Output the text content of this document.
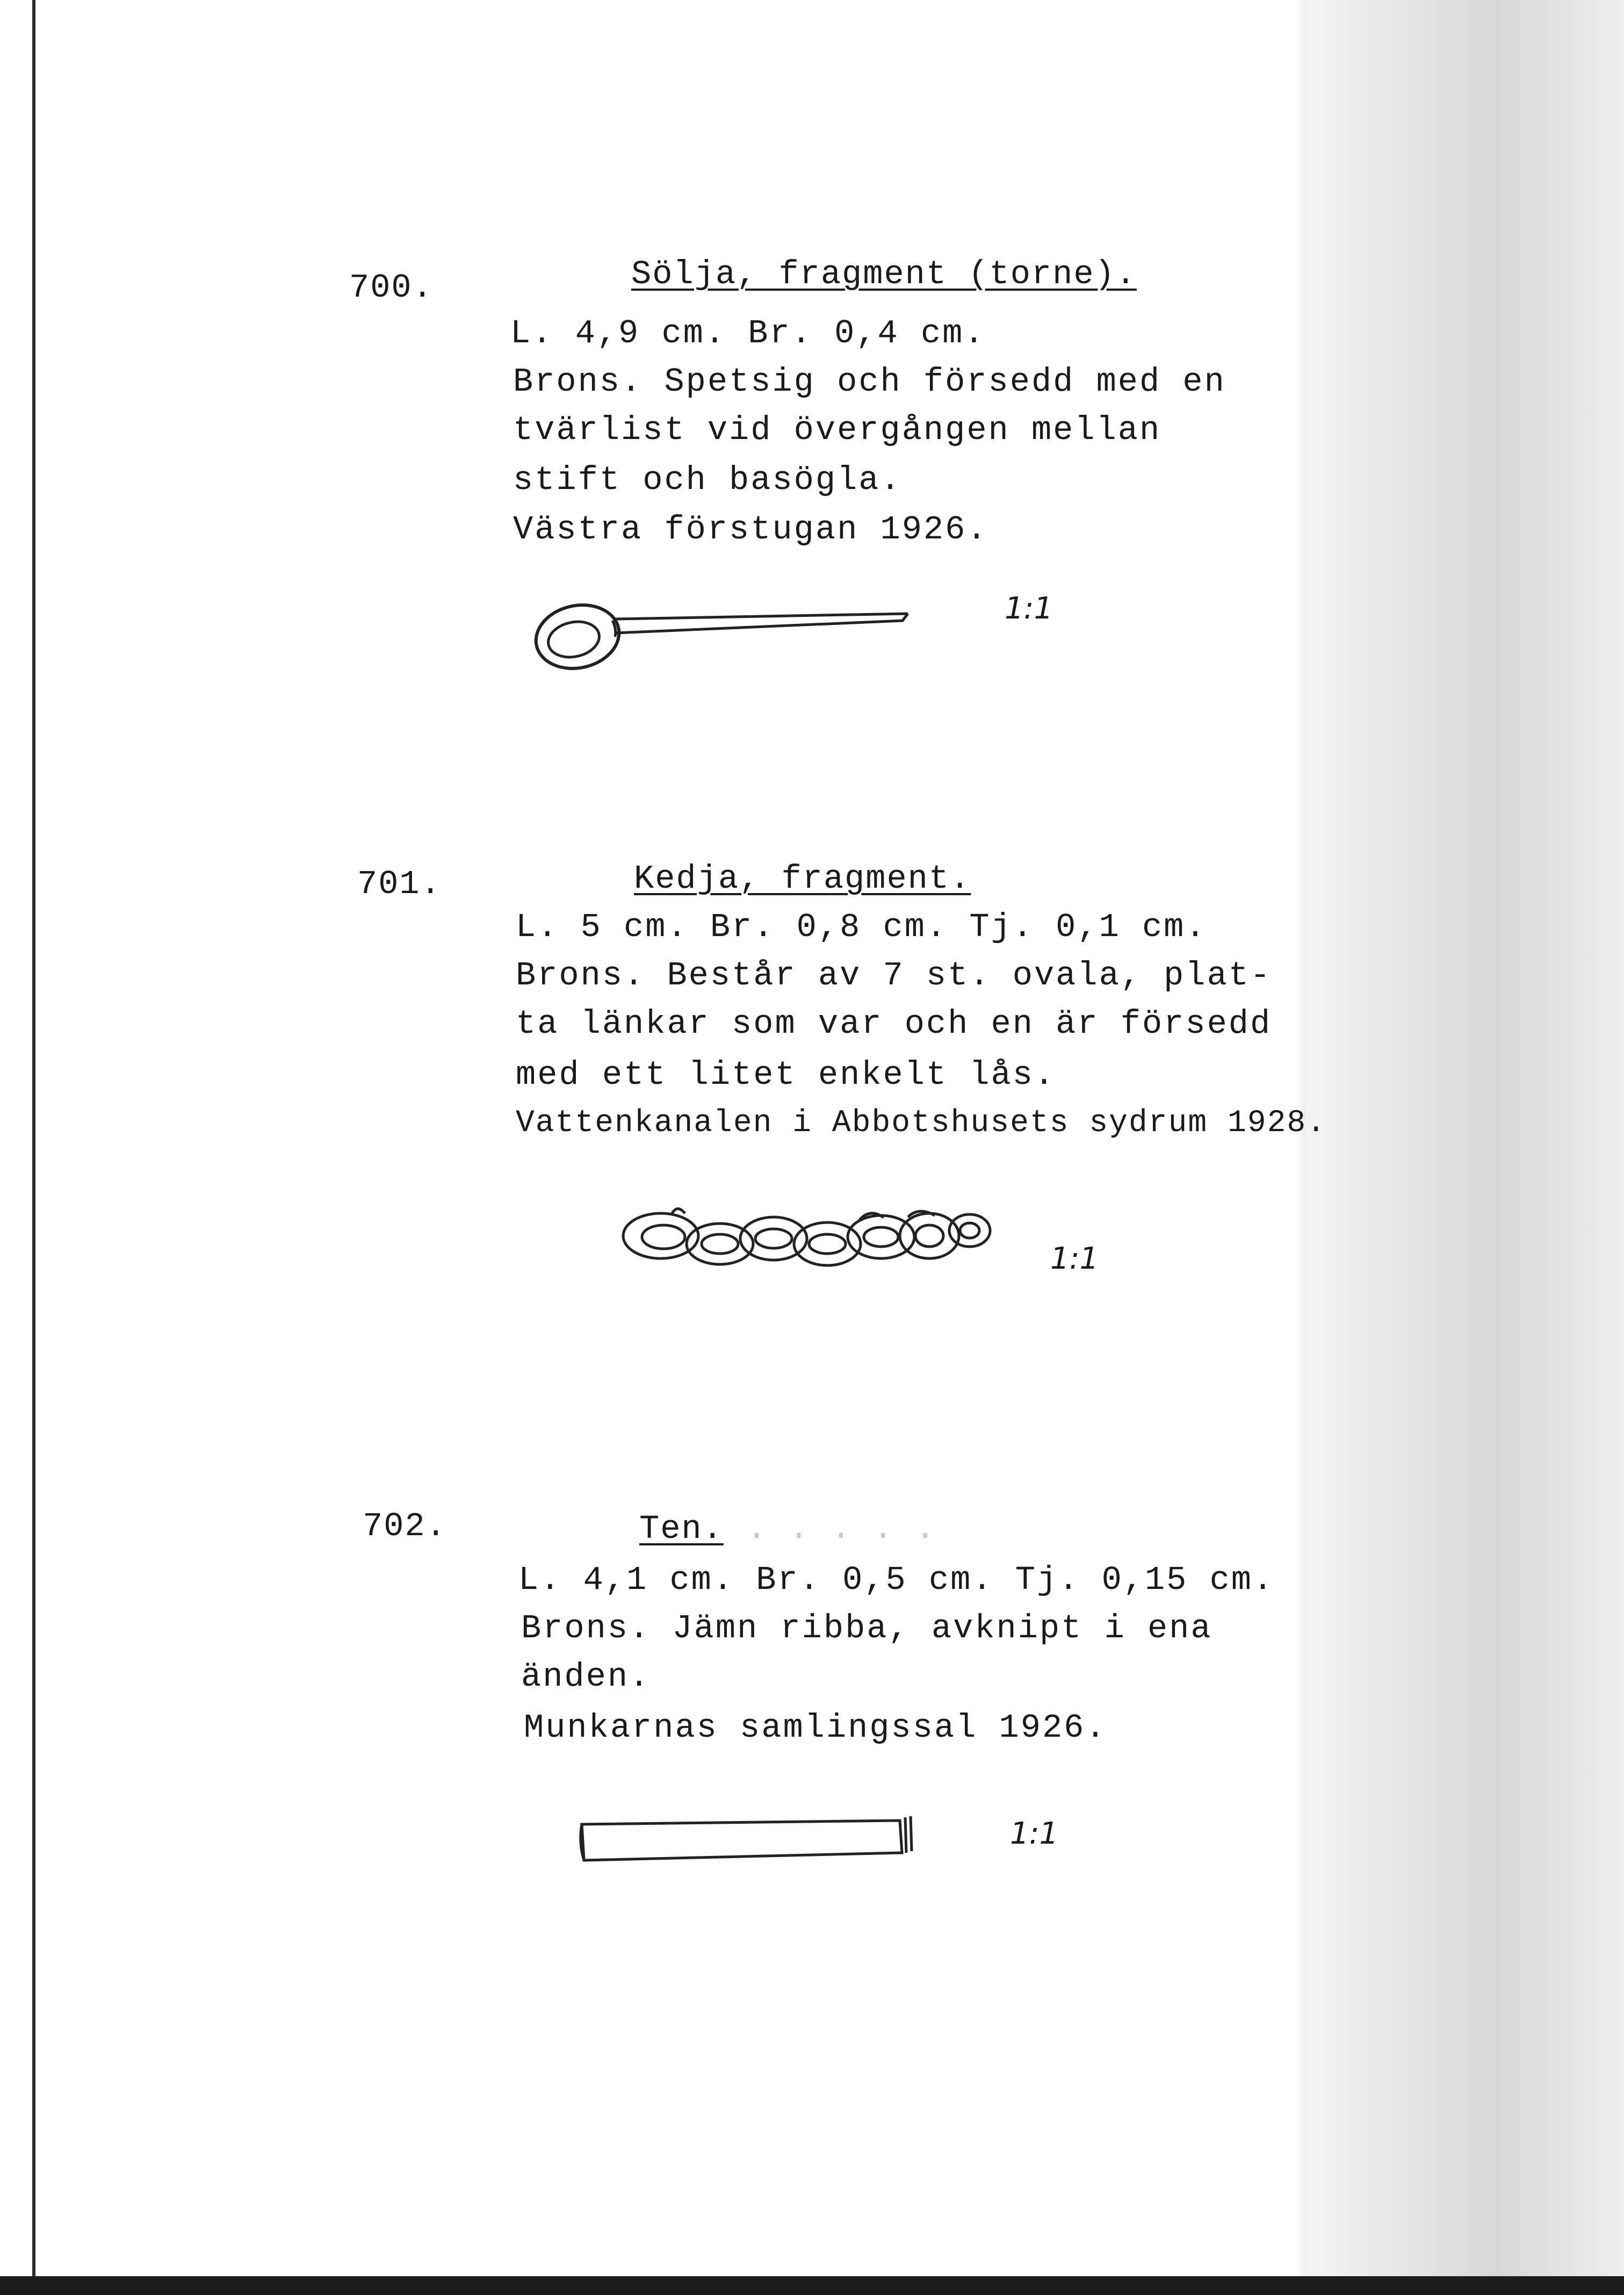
700.	Sölja, fragment (torne).
L. 4,9 cm. Br. 0,4 cm.
Brons. Spetsig och försedd med en
tvärlist vid övergången mellan
stift och basögla.
Västra förstugan 1926.
1:1
701.	Kedja, fragment.
L. 5 cm. Br. 0,8 cm. Tj. 0,1 cm.
Brons. Består av 7 st. ovala, plat-
ta länkar som var och en är försedd
med ett litet enkelt lås.
Vattenkanalen i Abbotshusets sydrum 1928.
1:1
702.	Ten. . . . . .
L. 4,1 cm. Br. 0,5 cm. Tj. 0,15 cm.
Brons. Jämn ribba, avknipt i ena
änden.
Munkarnas samlingssal 1926.
1:1
